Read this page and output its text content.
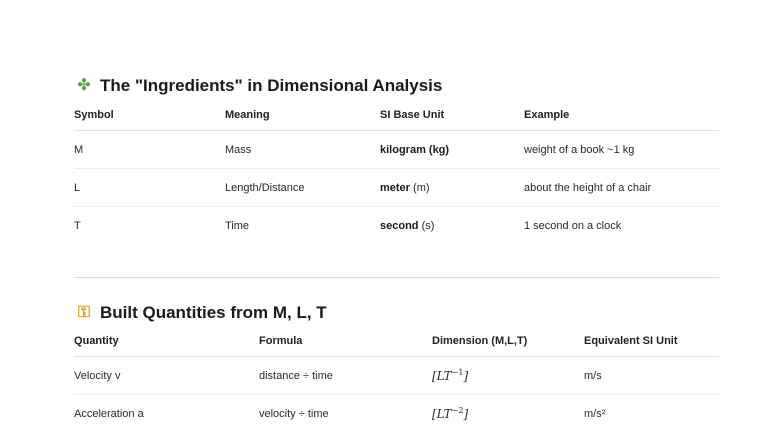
✤ The "Ingredients" in Dimensional Analysis
Symbol	Meaning	SI Base Unit	Example
M	Mass	kilogram (kg)	weight of a book ~1 kg
L	Length/Distance	meter (m)	about the height of a chair
T	Time	second (s)	1 second on a clock
⚿ Built Quantities from M, L, T
Quantity	Formula	Dimension (M,L,T)	Equivalent SI Unit
Velocity v	distance ÷ time	$[LT^{-1}]$	m/s
Acceleration a	velocity ÷ time	$[LT^{-2}]$	m/s²
